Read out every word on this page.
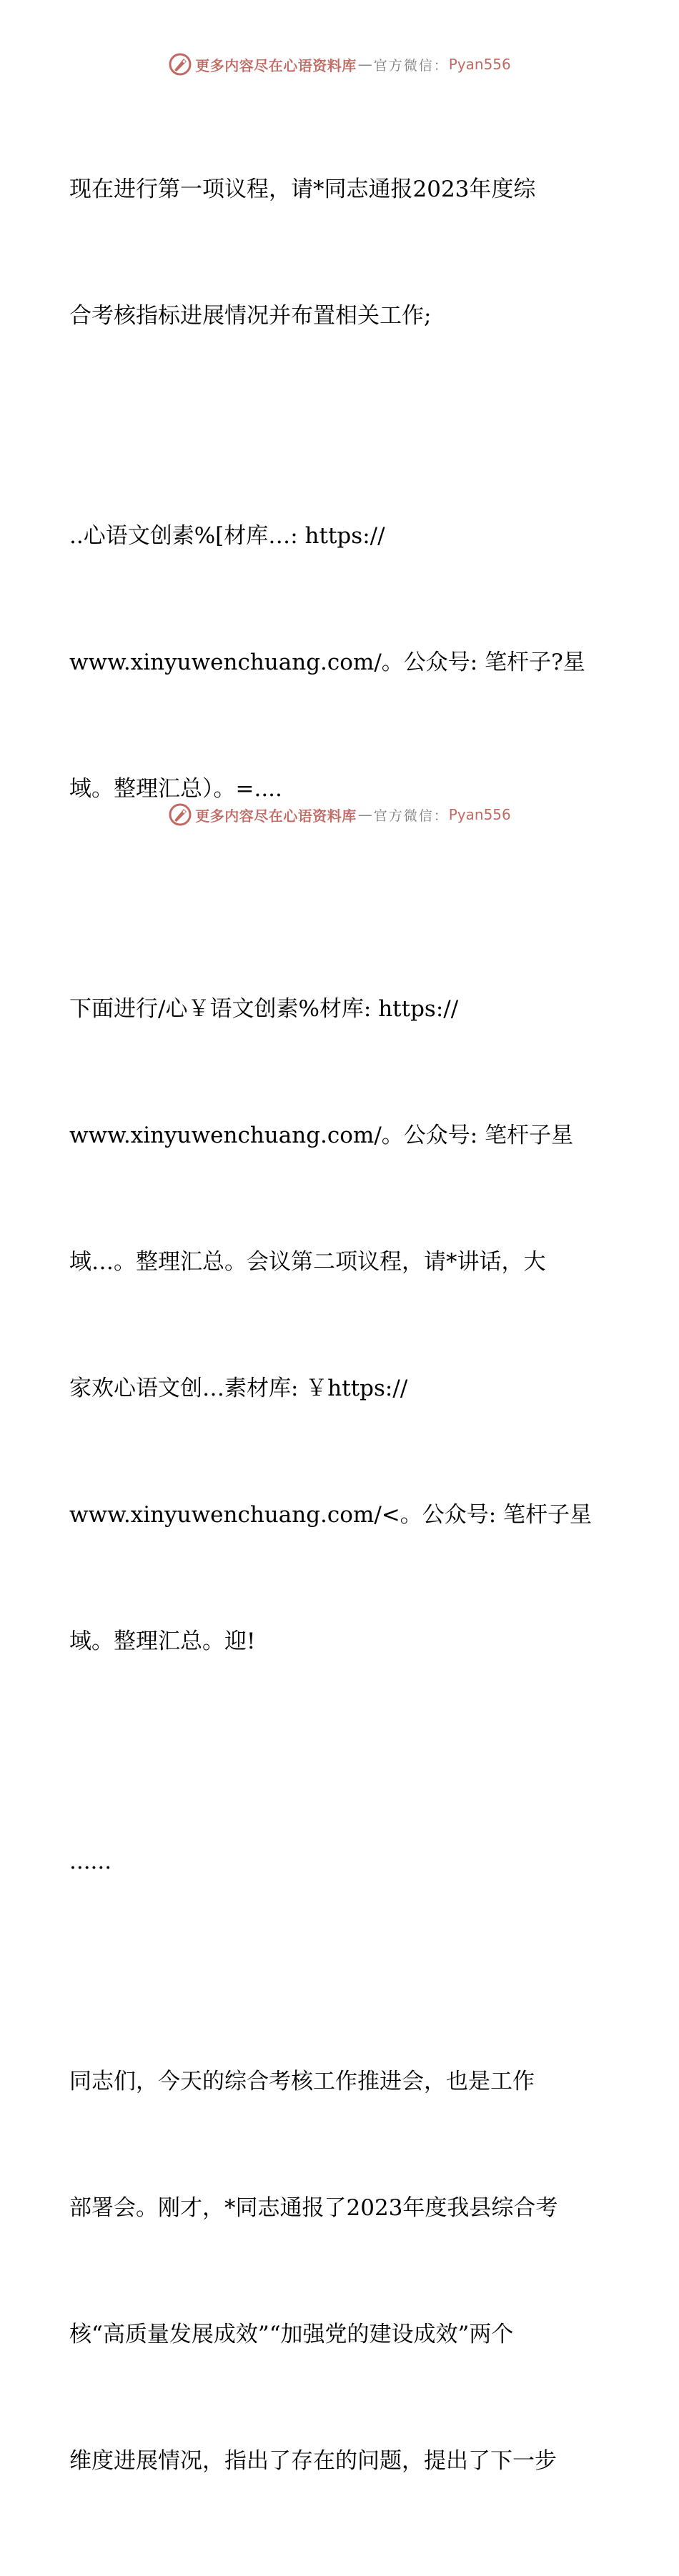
更多内容尽在心语资料库 — 官方微信： Pyan556

现在进行第一项议程，请*同志通报2023年度综

合考核指标进展情况并布置相关工作;

..心语文创素%[材库…: https://

www.xinyuwenchuang.com/。公众号: 笔杆子?星

域。整理汇总）。=....

下面进行/心￥语文创素%材库: https://

www.xinyuwenchuang.com/。公众号: 笔杆子星

域…。整理汇总。会议第二项议程，请*讲话，大

家欢心语文创…素材库: ￥https://

www.xinyuwenchuang.com/<。公众号: 笔杆子星

域。整理汇总。迎!

......

同志们，今天的综合考核工作推进会，也是工作

部署会。刚才，*同志通报了2023年度我县综合考

核“高质量发展成效”“加强党的建设成效”两个

维度进展情况，指出了存在的问题，提出了下一步

更多内容尽在心语资料库 — 官方微信： Pyan556
